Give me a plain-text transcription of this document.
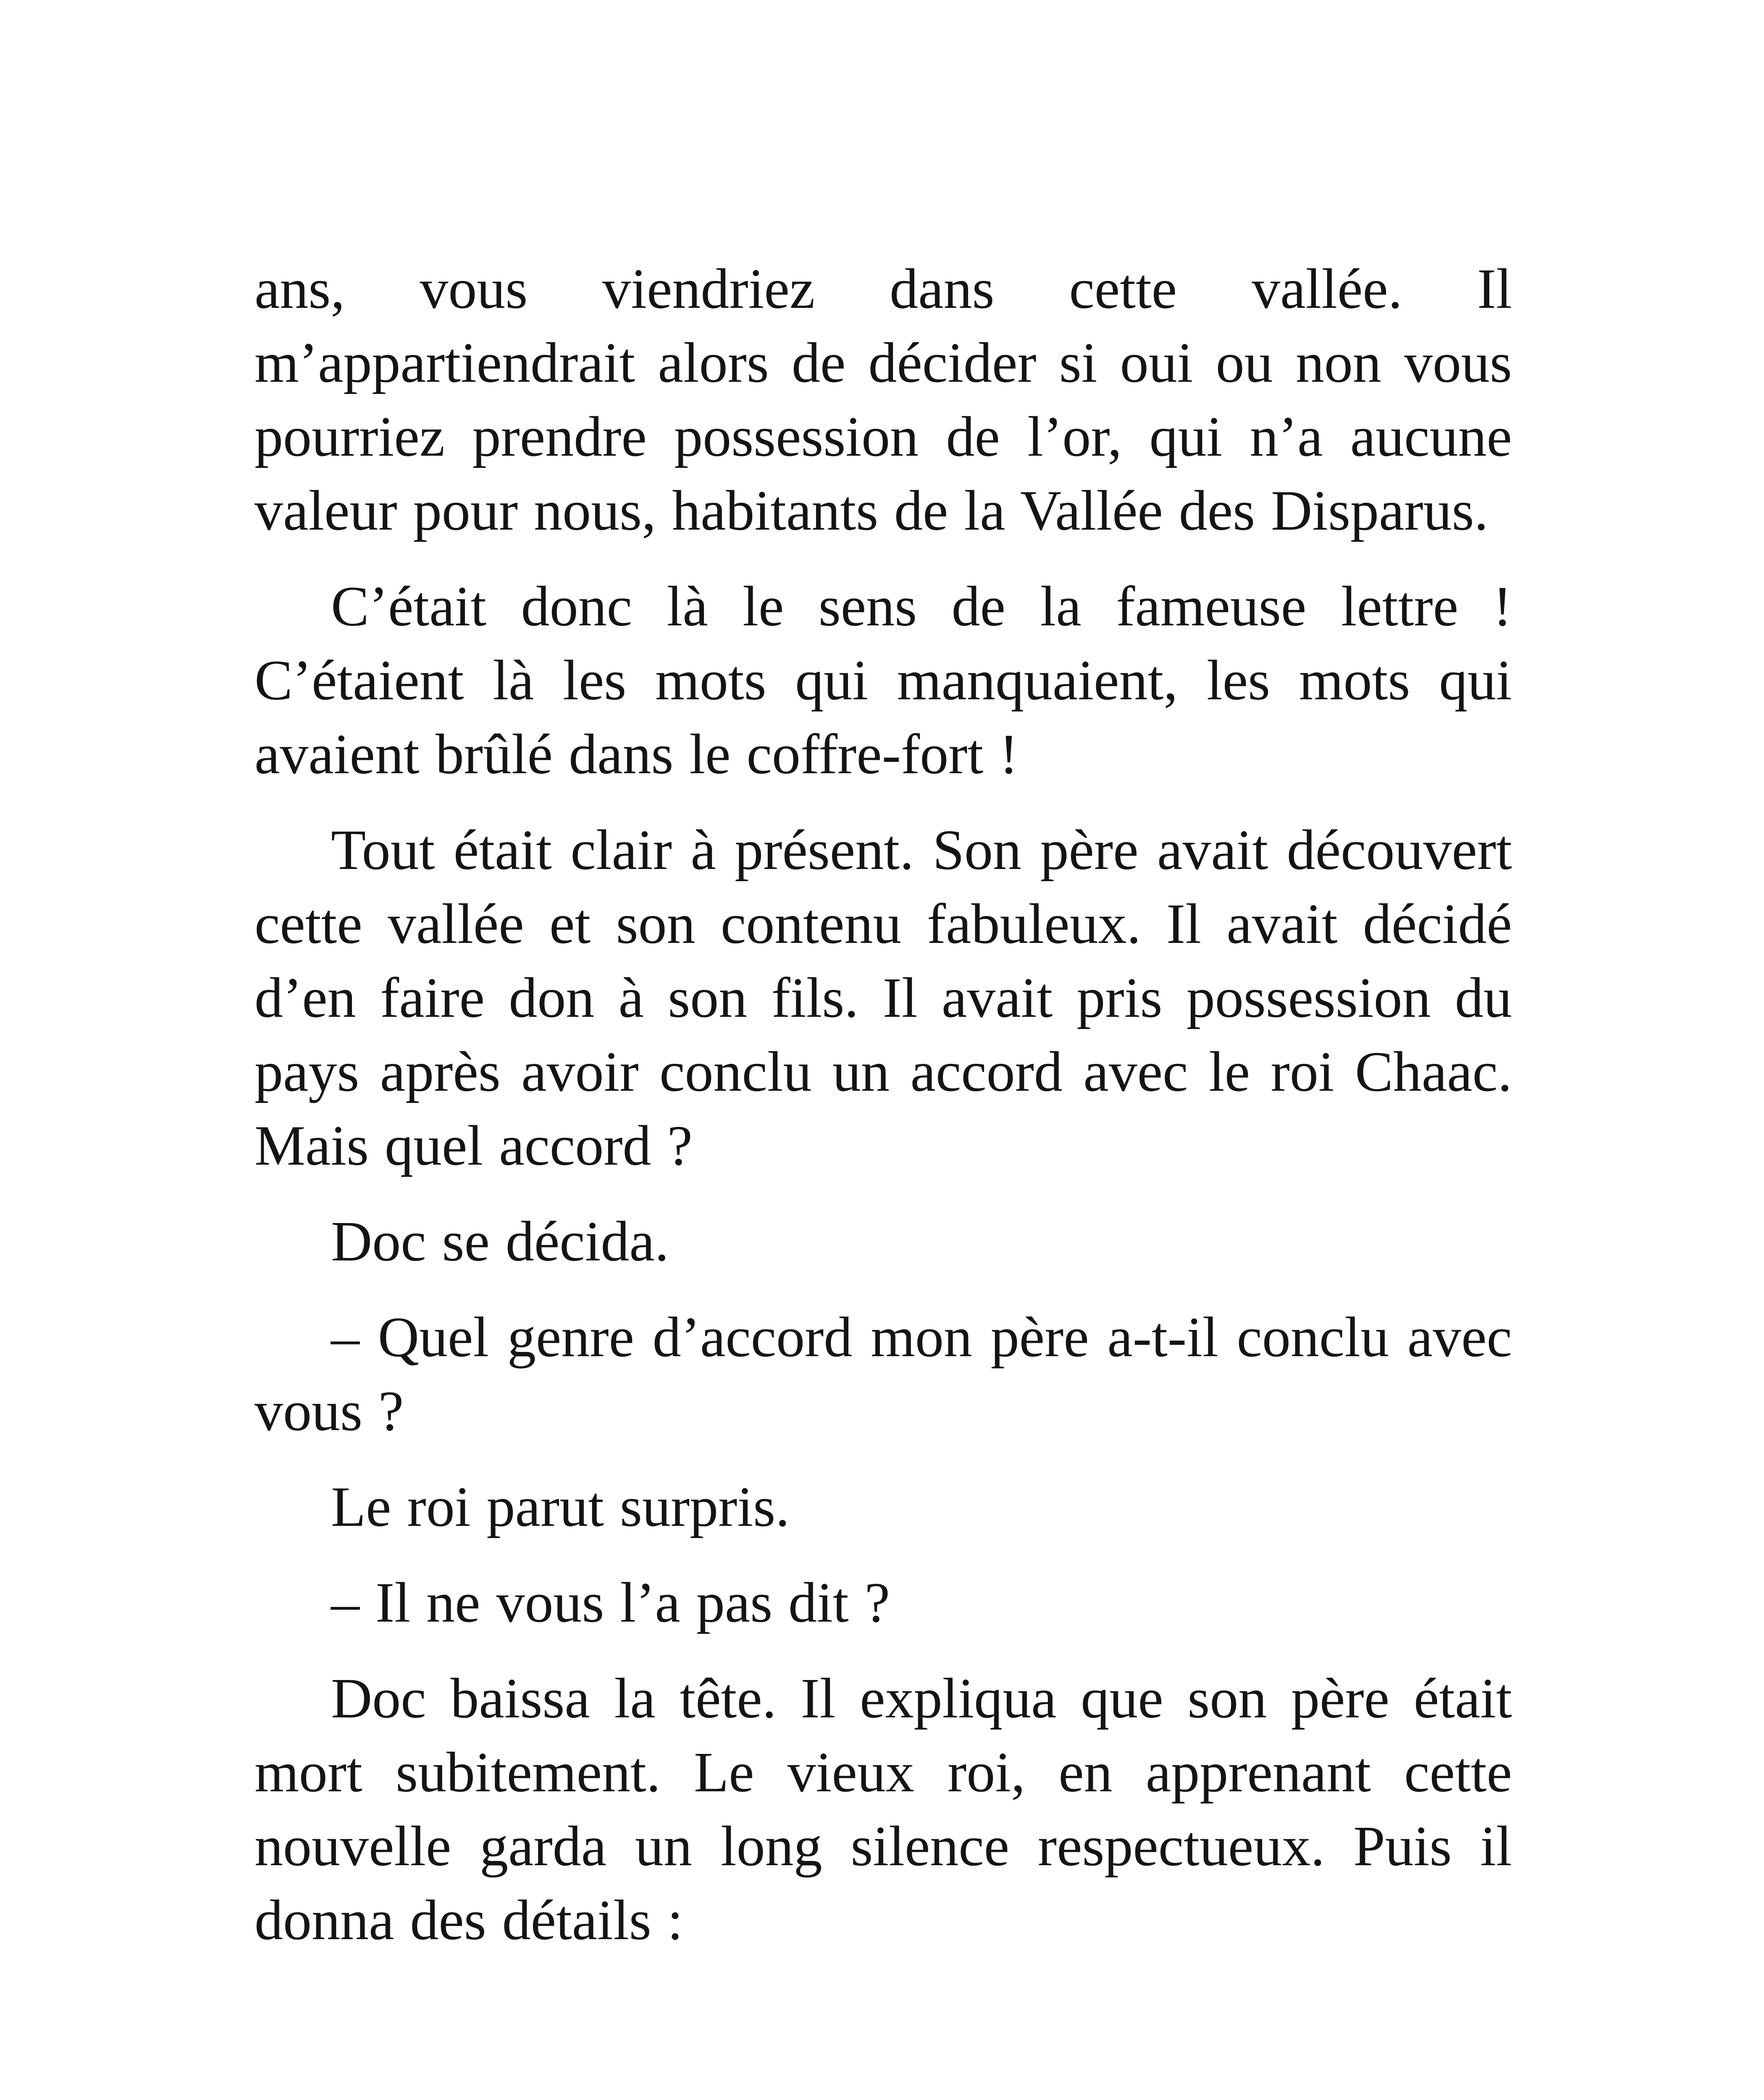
ans, vous viendriez dans cette vallée. Il m’appartiendrait alors de décider si oui ou non vous pourriez prendre possession de l’or, qui n’a aucune valeur pour nous, habitants de la Vallée des Disparus.

C’était donc là le sens de la fameuse lettre ! C’étaient là les mots qui manquaient, les mots qui avaient brûlé dans le coffre-fort !

Tout était clair à présent. Son père avait découvert cette vallée et son contenu fabuleux. Il avait décidé d’en faire don à son fils. Il avait pris possession du pays après avoir conclu un accord avec le roi Chaac. Mais quel accord ?

Doc se décida.

– Quel genre d’accord mon père a-t-il conclu avec vous ?

Le roi parut surpris.

– Il ne vous l’a pas dit ?

Doc baissa la tête. Il expliqua que son père était mort subitement. Le vieux roi, en apprenant cette nouvelle garda un long silence respectueux. Puis il donna des détails :
